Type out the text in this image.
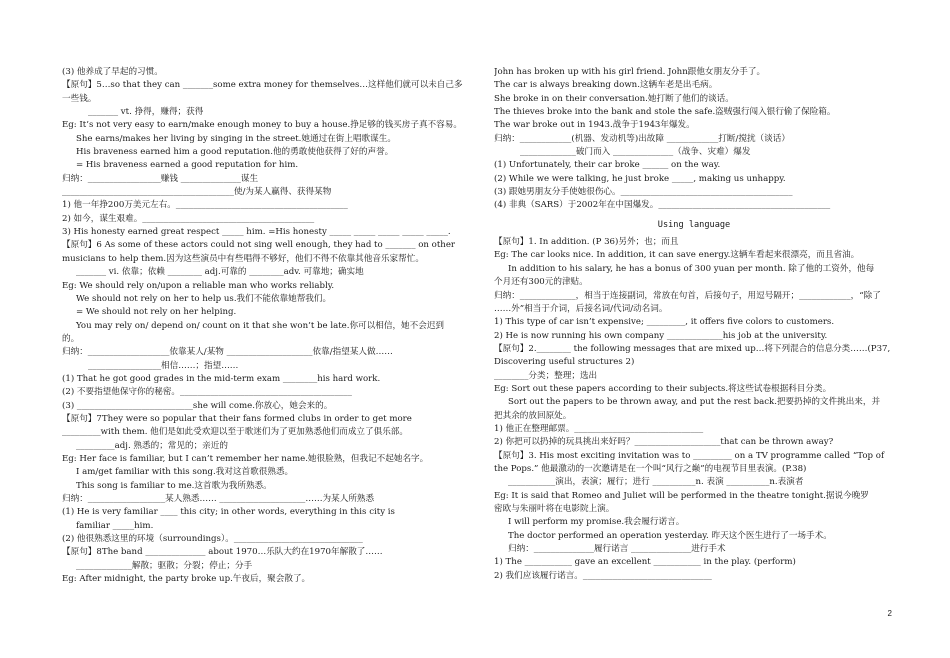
(3) 他养成了早起的习惯。
【原句】5…so that they can _______some extra money for themselves…这样他们就可以未自己多
一些钱。
_______ vt. 挣得，赚得；获得
Eg: It’s not very easy to earn/make enough money to buy a house.挣足够的钱买房子真不容易。
She earns/makes her living by singing in the street.她通过在街上唱歌谋生。
His braveness earned him a good reputation.他的勇敢使他获得了好的声誉。
= His braveness earned a good reputation for him.
归纳：_________________赚钱 ______________谋生
________________________________________使/为某人赢得、获得某物
1) 他一年挣200万美元左右。________________________________________
2) 如今，谋生艰难。________________________________________
3) His honesty earned great respect _____ him. =His honesty _____ _____ _____ _____ _____.
【原句】6 As some of these actors could not sing well enough, they had to _______ on other
musicians to help them.因为这些演员中有些唱得不够好，他们不得不依靠其他音乐家帮忙。
_______ vi. 依靠；依赖 ________ adj.可靠的 ________adv. 可靠地；确实地
Eg: We should rely on/upon a reliable man who works reliably.
We should not rely on her to help us.我们不能依靠她帮我们。
= We should not rely on her helping.
You may rely on/ depend on/ count on it that she won’t be late.你可以相信，她不会迟到
的。
归纳：___________________依靠某人/某物 ____________________依靠/指望某人做……
_________________相信……；指望……
(1) That he got good grades in the mid-term exam ________his hard work.
(2) 不要指望他保守你的秘密。________________________________________
(3) ___________________________she will come.你放心，她会来的。
【原句】7They were so popular that their fans formed clubs in order to get more
_________with them. 他们是如此受欢迎以至于歌迷们为了更加熟悉他们而成立了俱乐部。
_________adj. 熟悉的；常见的；亲近的
Eg: Her face is familiar, but I can’t remember her name.她很脸熟，但我记不起她名字。
I am/get familiar with this song.我对这首歌很熟悉。
This song is familiar to me.这首歌为我所熟悉。
归纳：__________________某人熟悉…… ____________________……为某人所熟悉
(1) He is very familiar ____ this city; in other words, everything in this city is
familiar _____him.
(2) 他很熟悉这里的环境（surroundings）。______________________________
【原句】8The band ______________ about 1970…乐队大约在1970年解散了……
_____________解散；驱散；分裂；停止；分手
Eg: After midnight, the party broke up.午夜后，聚会散了。
John has broken up with his girl friend. John跟他女朋友分手了。
The car is always breaking down.这辆车老是出毛病。
She broke in on their conversation.她打断了他们的谈话。
The thieves broke into the bank and stole the safe.盗贼强行闯入银行偷了保险箱。
The war broke out in 1943.战争于1943年爆发。
归纳：____________(机器、发动机等)出故障 ____________打断/搅扰（谈话）
_____________破门而入 ______________（战争、灾难）爆发
(1) Unfortunately, their car broke ______ on the way.
(2) While we were talking, he just broke _____, making us unhappy.
(3) 跟她男朋友分手使她很伤心。________________________________________
(4) 非典（SARS）于2002年在中国爆发。________________________________________
Using language
【原句】1. In addition. (P 36)另外；也；而且
Eg: The car looks nice. In addition, it can save energy.这辆车看起来很漂亮，而且省油。
In addition to his salary, he has a bonus of 300 yuan per month. 除了他的工资外，他每
个月还有300元的津贴。
归纳：_____________，相当于连接副词，常放在句首，后接句子，用逗号隔开；____________，“除了
……外”相当于介词，后接名词/代词/动名词。
1) This type of car isn’t expensive; _________, it offers five colors to customers.
2) He is now running his own company _____________his job at the university.
【原句】2.________ the following messages that are mixed up…将下列混合的信息分类……(P37,
Discovering useful structures 2)
________分类；整理；选出
Eg: Sort out these papers according to their subjects.将这些试卷根据科目分类。
Sort out the papers to be thrown away, and put the rest back.把要扔掉的文件挑出来，并
把其余的放回原处。
1) 他正在整理邮票。______________________________
2) 你把可以扔掉的玩具挑出来好吗？____________________that can be thrown away?
【原句】3. His most exciting invitation was to _________ on a TV programme called “Top of
the Pops.” 他最激动的一次邀请是在一个叫“风行之巅”的电视节目里表演。(P.38)
___________演出，表演；履行；进行 __________n. 表演 __________n.表演者
Eg: It is said that Romeo and Juliet will be performed in the theatre tonight.据说今晚罗
密欧与朱丽叶将在电影院上演。
I will perform my promise.我会履行诺言。
The doctor performed an operation yesterday. 昨天这个医生进行了一场手术。
归纳：______________履行诺言 ______________进行手术
1) The ___________ gave an excellent ___________ in the play. (perform)
2) 我们应该履行诺言。______________________________
2
